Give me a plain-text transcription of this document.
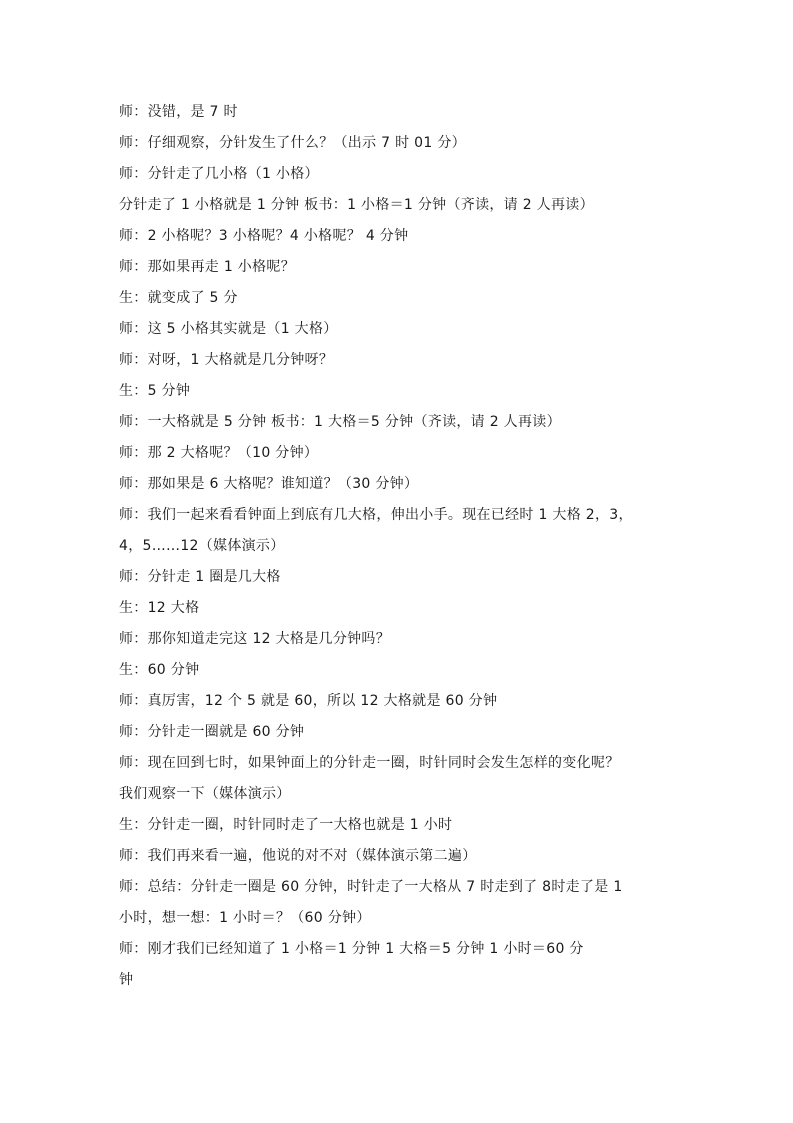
师：没错，是 7 时
师：仔细观察，分针发生了什么？（出示 7 时 01 分）
师：分针走了几小格（1 小格）
分针走了 1 小格就是 1 分钟 板书：1 小格＝1 分钟（齐读，请 2 人再读）
师：2 小格呢？3 小格呢？4 小格呢？ 4 分钟
师：那如果再走 1 小格呢？
生：就变成了 5 分
师：这 5 小格其实就是（1 大格）
师：对呀，1 大格就是几分钟呀？
生：5 分钟
师：一大格就是 5 分钟 板书：1 大格＝5 分钟（齐读，请 2 人再读）
师：那 2 大格呢？（10 分钟）
师：那如果是 6 大格呢？谁知道？（30 分钟）
师：我们一起来看看钟面上到底有几大格，伸出小手。现在已经时 1 大格 2，3，
4，5……12（媒体演示）
师：分针走 1 圈是几大格
生：12 大格
师：那你知道走完这 12 大格是几分钟吗？
生：60 分钟
师：真厉害，12 个 5 就是 60，所以 12 大格就是 60 分钟
师：分针走一圈就是 60 分钟
师：现在回到七时，如果钟面上的分针走一圈，时针同时会发生怎样的变化呢？
我们观察一下（媒体演示）
生：分针走一圈，时针同时走了一大格也就是 1 小时
师：我们再来看一遍，他说的对不对（媒体演示第二遍）
师：总结：分针走一圈是 60 分钟，时针走了一大格从 7 时走到了 8时走了是 1
小时，想一想：1 小时＝？（60 分钟）
师：刚才我们已经知道了 1 小格＝1 分钟 1 大格＝5 分钟 1 小时＝60 分
钟
